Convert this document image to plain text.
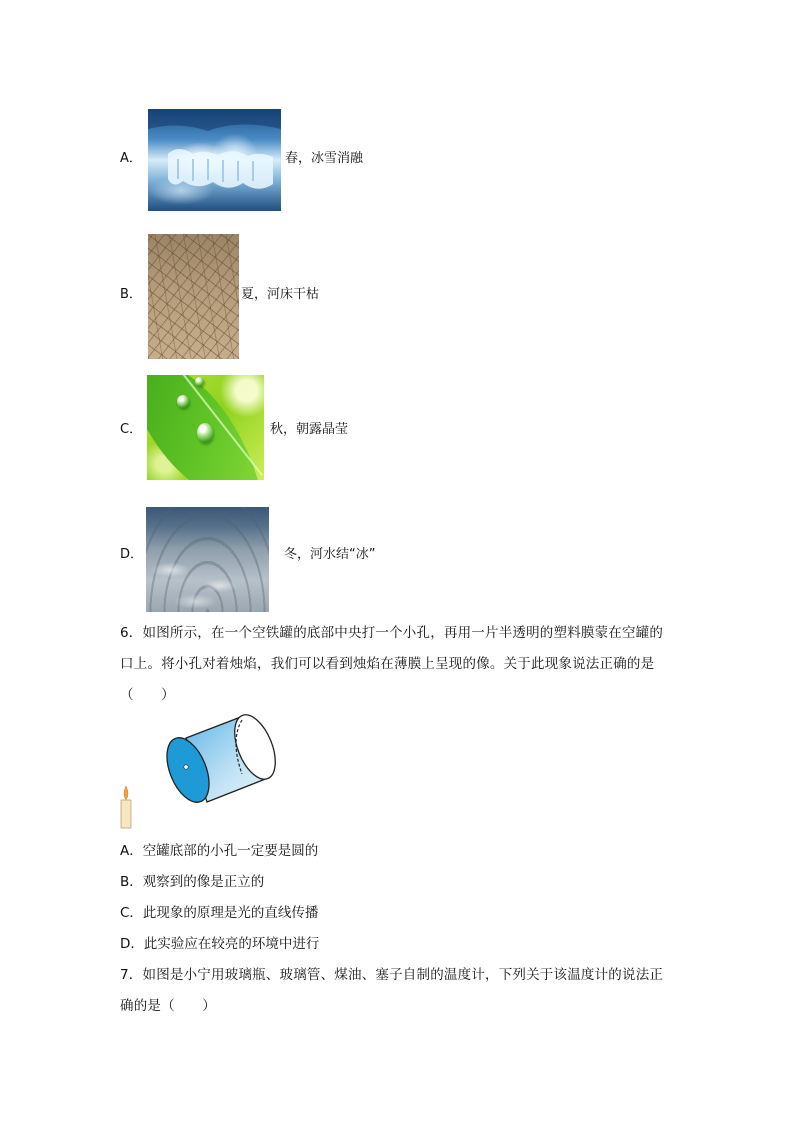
A．	春，冰雪消融
B．	夏，河床干枯
C．	秋，朝露晶莹
D．	冬，河水结“冰”
6．如图所示，在一个空铁罐的底部中央打一个小孔，再用一片半透明的塑料膜蒙在空罐的
口上。将小孔对着烛焰，我们可以看到烛焰在薄膜上呈现的像。关于此现象说法正确的是
（　　）
A．空罐底部的小孔一定要是圆的
B．观察到的像是正立的
C．此现象的原理是光的直线传播
D．此实验应在较亮的环境中进行
7．如图是小宁用玻璃瓶、玻璃管、煤油、塞子自制的温度计，下列关于该温度计的说法正
确的是（　　）
